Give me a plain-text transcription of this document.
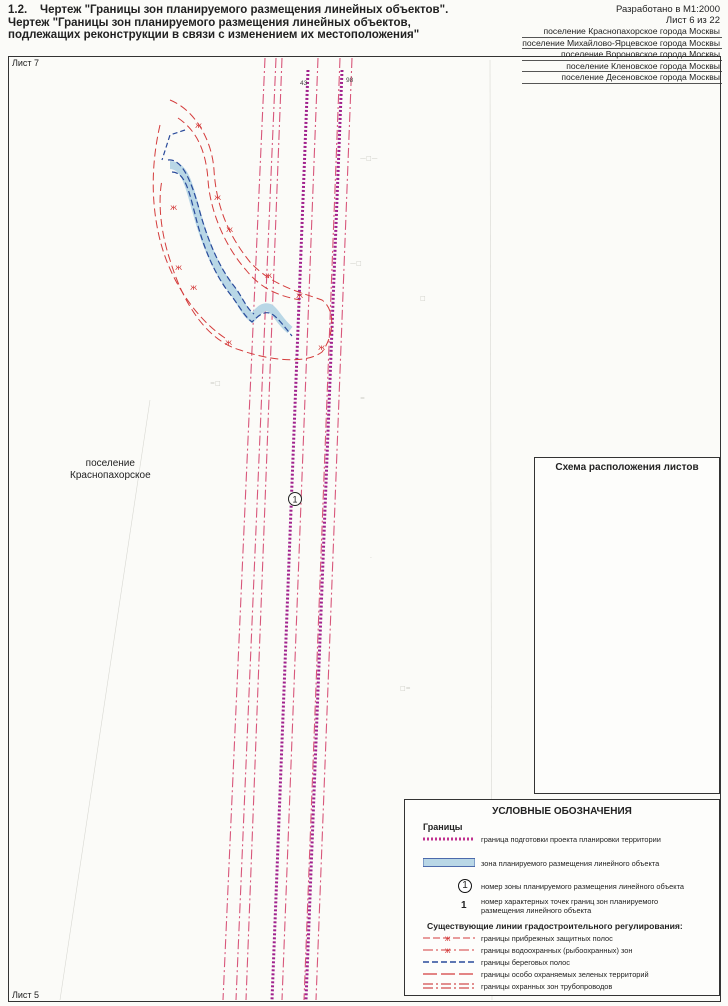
1.2. Чертеж "Границы зон планируемого размещения линейных объектов".
Чертеж "Границы зон планируемого размещения линейных объектов,
подлежащих реконструкции в связи с изменением их местоположения"
Разработано в М1:2000
Лист 6 из 22
поселение Краснопахорское города Москвы
поселение Михайлово-Ярцевское города Москвы
поселение Вороновское города Москвы
поселение Кленовское города Москвы
поселение Десеновское города Москвы
—□—
—□
=
□
=□
□=
·
ж
ж
ж
ж
ж
ж
ж
ж
ж
ж
43	98
1
Лист 7
Лист 5
поселение
Краснопахорское
Схема расположения листов
УСЛОВНЫЕ ОБОЗНАЧЕНИЯ
Границы
граница подготовки проекта планировки территории
зона планируемого размещения линейного объекта
1	номер зоны планируемого размещения линейного объекта
1 номер характерных точек границ зон планируемого
размещения линейного объекта
Существующие линии градостроительного регулирования:
ж	границы прибрежных защитных полос
ж	границы водоохранных (рыбоохранных) зон
границы береговых полос
границы особо охраняемых зеленых территорий
границы охранных зон трубопроводов
